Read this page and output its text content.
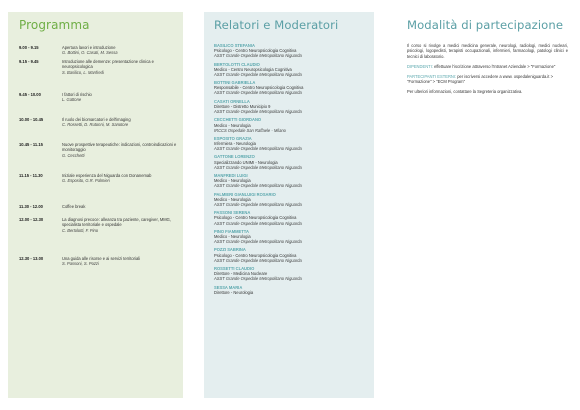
Programma
9.00 - 9.15	Apertura lavori e introduzione
G. Bottini, O. Casati, M. Sessa
9.15 - 9.45	Introduzione alle demenze: presentazione clinica e neuropsicologica
S. Basilico, L. Manfredi
9.45 - 10.00	I fattori di rischio
L. Gattone
10.00 - 10.45	Il ruolo dei biomarcatori e dell'imaging
C. Rossetti, D. Rutonni, M. Sanotore
10.45 - 11.15	Nuove prospettive terapeutiche: indicazioni, controindicazioni e monitoraggio
G. Cecchetti
11.15 - 11.30	Iniziale esperienza del Niguarda con Donanemab
G. Esposito, G.R. Palmieri
11.30 - 12.00	Coffee break
12.00 - 12.30	La diagnosi precoce: alleanza tra paziente, caregiver, MMG, specialista territoriale e ospedale
C. Bertolotti, F. Pino
12.30 - 13.00	Una guida alle risorse e ai servizi territoriali
S. Passoni, S. Pozzi
Relatori e Moderatori
BASILICO STEFANIA
Psicologo - Centro Neuropsicologia Cognitiva
ASST Grande Ospedale Metropolitano Niguarda
BERTOLOTTI CLAUDIO
Medico - Centro Neuropsicologia Cognitiva
ASST Grande Ospedale Metropolitano Niguarda
BOTTINI GABRIELLA
Responsabile - Centro Neuropsicologia Cognitiva
ASST Grande Ospedale Metropolitano Niguarda
CASATI ORNELLA
Direttore - Distretto Municipio 9
ASST Grande Ospedale Metropolitano Niguarda
CECCHETTI GIORDANO
Medico - Neurologia
IRCCS Ospedale San Raffaele - Milano
ESPOSITO GRAZIA
Infermiera - Neurologia
ASST Grande Ospedale Metropolitano Niguarda
GATTONE LORENZO
Specializzando UNIMI - Neurologia
ASST Grande Ospedale Metropolitano Niguarda
MANFREDI LUIGI
Medico - Neurologia
ASST Grande Ospedale Metropolitano Niguarda
PALMIERI GIANLUIGI ROSARIO
Medico - Neurologia
ASST Grande Ospedale Metropolitano Niguarda
PASSONI SERENA
Psicologo - Centro Neuropsicologia Cognitiva
ASST Grande Ospedale Metropolitano Niguarda
PINO FIAMMETTA
Medico - Neurologia
ASST Grande Ospedale Metropolitano Niguarda
POZZI SABRINA
Psicologo - Centro Neuropsicologia Cognitiva
ASST Grande Ospedale Metropolitano Niguarda
ROSSETTI CLAUDIO
Direttore - Medicina Nucleare
ASST Grande Ospedale Metropolitano Niguarda
SESSA MARIA
Direttore - Neurologia
Modalità di partecipazione

Il corso si rivolge a medici medicina generale, neurologi, radiologi, medici nucleari, psicologi, logopedisti, terapisti occupazionali, infermieri, farmacologi, patologi clinici e tecnici di laboratorio.

DIPENDENTI: effettuare l'iscrizione attraverso l'Intranet Aziendale > "Formazione"

PARTECIPANTI ESTERNI: per iscriversi accedere a www. ospedaleniguarda.it > "Formazione" > "ECM Program"

Per ulteriori informazioni, contattare la Segreteria organizzativa.
